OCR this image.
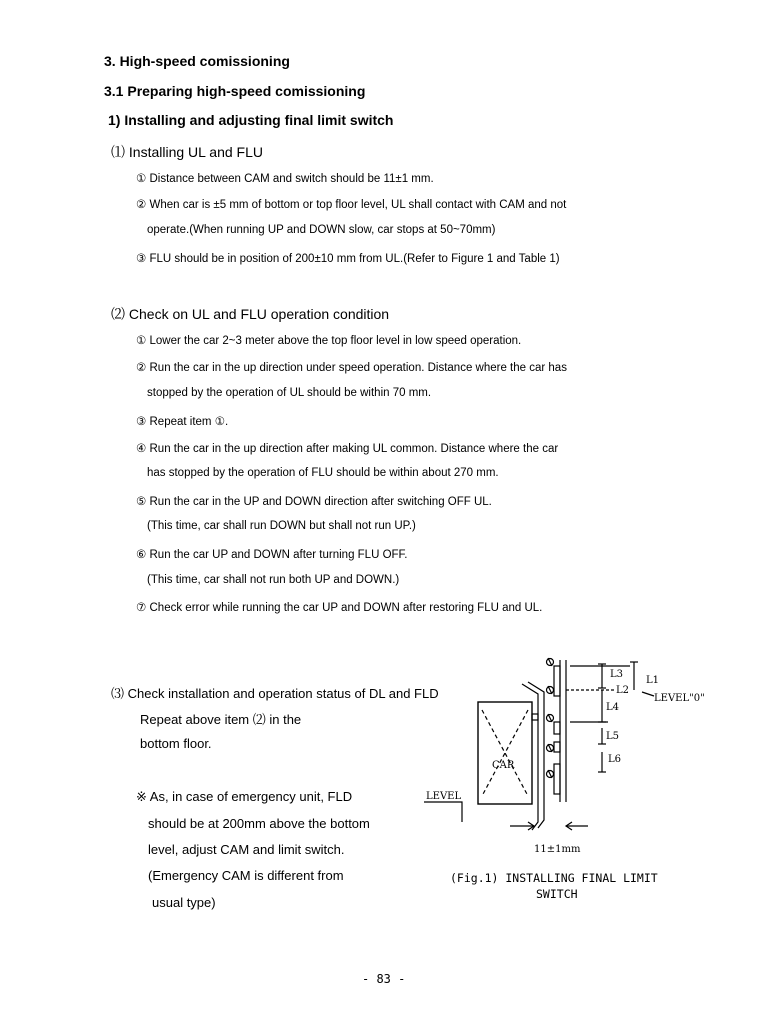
3. High-speed comissioning
3.1 Preparing high-speed comissioning
1) Installing and adjusting final limit switch
⑴ Installing UL and FLU
① Distance between CAM and switch should be 11±1 mm.
② When car is ±5 mm of bottom or top floor level, UL shall contact with CAM and not
operate.(When running UP and DOWN slow, car stops at 50~70mm)
③ FLU should be in position of 200±10 mm from UL.(Refer to Figure 1 and Table 1)
⑵ Check on UL and FLU operation condition
① Lower the car 2~3 meter above the top floor level in low speed operation.
② Run the car in the up direction under speed operation. Distance where the car has
stopped by the operation of UL should be within 70 mm.
③ Repeat item ①.
④ Run the car in the up direction after making UL common. Distance where the car
has stopped by the operation of FLU should be within about 270 mm.
⑤ Run the car in the UP and DOWN direction after switching OFF UL.
(This time, car shall run DOWN but shall not run UP.)
⑥ Run the car UP and DOWN after turning FLU OFF.
(This time, car shall not run both UP and DOWN.)
⑦ Check error while running the car UP and DOWN after restoring FLU and UL.
⑶ Check installation and operation status of DL and FLD
Repeat above item ⑵ in the
bottom floor.
※ As, in case of emergency unit, FLD
should be at 200mm above the bottom
level, adjust CAM and limit switch.
(Emergency CAM is different from
usual type)
L3
L1
L2
LEVEL"0"
L4
L5
L6
CAR
LEVEL
11±1mm
(Fig.1) INSTALLING FINAL LIMIT
SWITCH
- 83 -
